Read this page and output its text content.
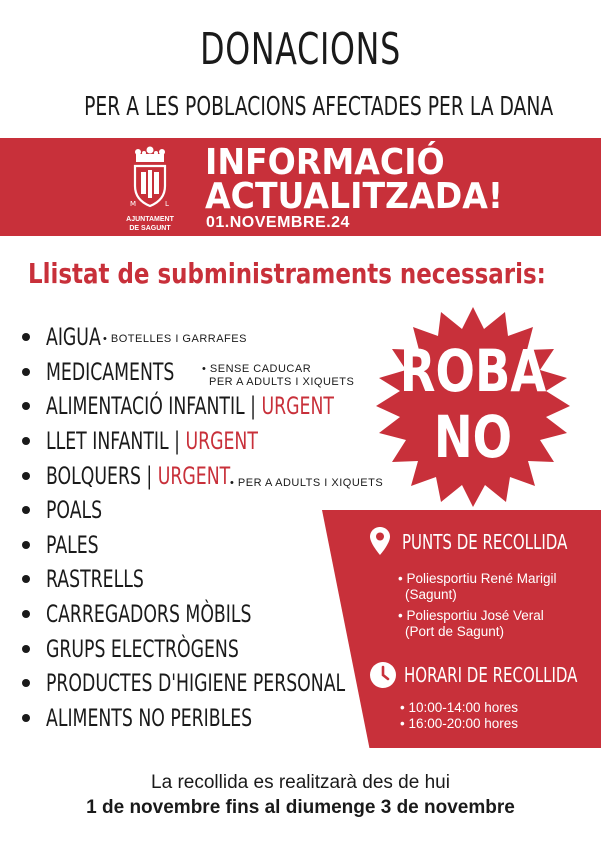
DONACIONS
PER A LES POBLACIONS AFECTADES PER LA DANA
M	L
AJUNTAMENT
DE SAGUNT
INFORMACIÓ
ACTUALITZADA!
01.NOVEMBRE.24
Llistat de subministraments necessaris:
AIGUA
MEDICAMENTS
ALIMENTACIÓ INFANTIL | URGENT
LLET INFANTIL | URGENT
BOLQUERS | URGENT
POALS
PALES
RASTRELLS
CARREGADORS MÒBILS
GRUPS ELECTRÒGENS
PRODUCTES D'HIGIENE PERSONAL
ALIMENTS NO PERIBLES
• BOTELLES I GARRAFES
• SENSE CADUCAR
PER A ADULTS I XIQUETS
• PER A ADULTS I XIQUETS
ROBA
NO
PUNTS DE RECOLLIDA
• Poliesportiu René Marigil
(Sagunt)
• Poliesportiu José Veral
(Port de Sagunt)
HORARI DE RECOLLIDA
• 10:00-14:00 hores
• 16:00-20:00 hores
La recollida es realitzarà des de hui
1 de novembre fins al diumenge 3 de novembre
